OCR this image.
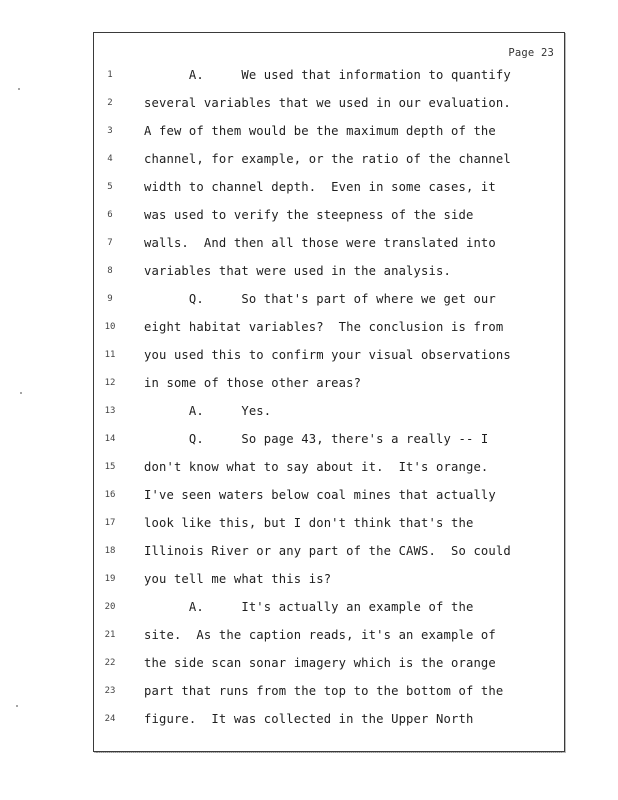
Page 23
1	A.     We used that information to quantify
2	several variables that we used in our evaluation.
3	A few of them would be the maximum depth of the
4	channel, for example, or the ratio of the channel
5	width to channel depth.  Even in some cases, it
6	was used to verify the steepness of the side
7	walls.  And then all those were translated into
8	variables that were used in the analysis.
9	Q.     So that's part of where we get our
10	eight habitat variables?  The conclusion is from
11	you used this to confirm your visual observations
12	in some of those other areas?
13	A.     Yes.
14	Q.     So page 43, there's a really -- I
15	don't know what to say about it.  It's orange.
16	I've seen waters below coal mines that actually
17	look like this, but I don't think that's the
18	Illinois River or any part of the CAWS.  So could
19	you tell me what this is?
20	A.     It's actually an example of the
21	site.  As the caption reads, it's an example of
22	the side scan sonar imagery which is the orange
23	part that runs from the top to the bottom of the
24	figure.  It was collected in the Upper North
